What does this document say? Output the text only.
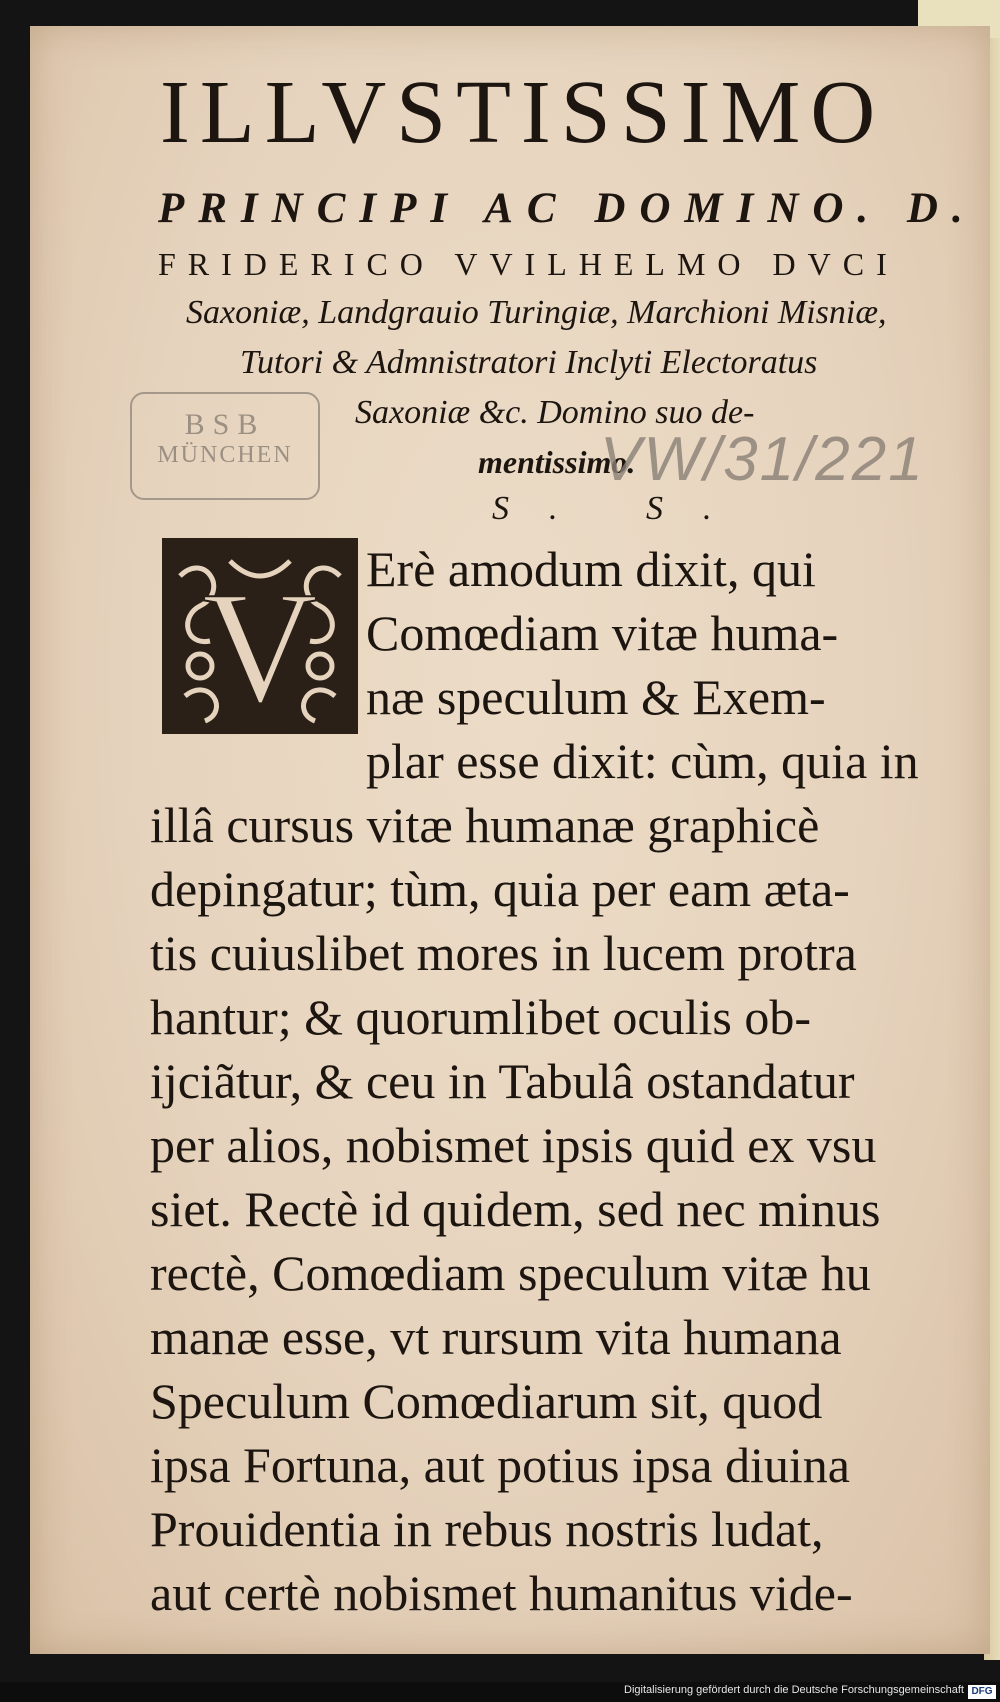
ILLVSTISSIMO
PRINCIPI AC DOMINO. D.
FRIDERICO VVILHELMO DVCI
Saxoniæ, Landgrauio Turingiæ, Marchioni Misniæ,
Tutori & Admnistratori Inclyti Electoratus
Saxoniæ &c. Domino suo de-
mentissimo.
S. S.
BSB
MÜNCHEN	VW/31/221
V Erè amodum dixit, qui
Comœdiam vitæ huma-
næ speculum & Exem-
plar esse dixit: cùm, quia in
illâ cursus vitæ humanæ graphicè
depingatur; tùm, quia per eam æta-
tis cuiuslibet mores in lucem protra
hantur; & quorumlibet oculis ob-
ijciãtur, & ceu in Tabulâ ostandatur
per alios, nobismet ipsis quid ex vsu
siet. Rectè id quidem, sed nec minus
rectè, Comœdiam speculum vitæ hu
manæ esse, vt rursum vita humana
Speculum Comœdiarum sit, quod
ipsa Fortuna, aut potius ipsa diuina
Prouidentia in rebus nostris ludat,
aut certè nobismet humanitus vide-
Digitalisierung gefördert durch die Deutsche Forschungsgemeinschaft DFG
